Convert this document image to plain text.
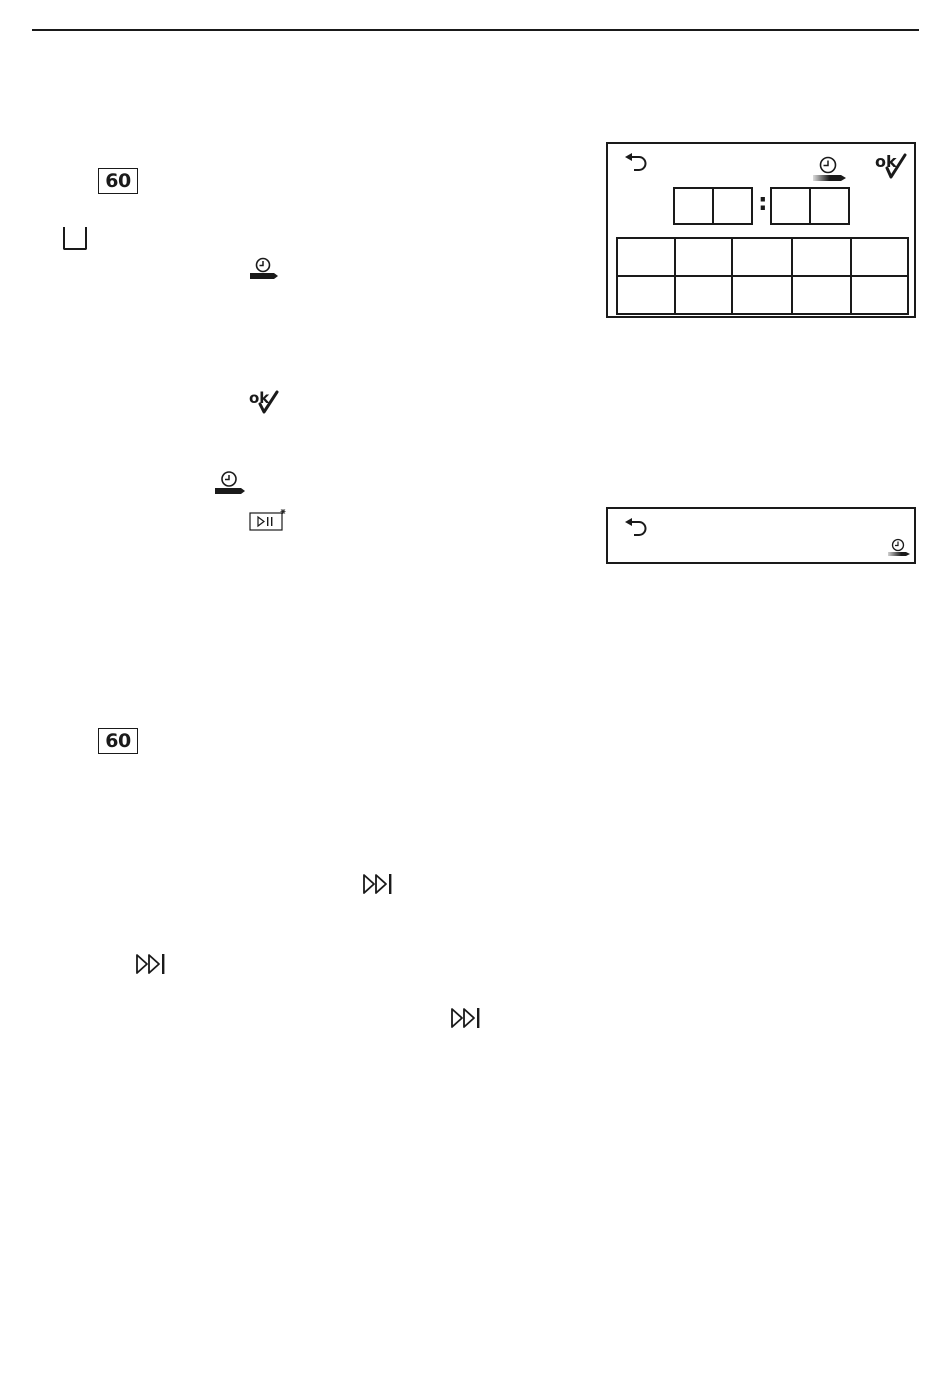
60
ok
ok
:
60
